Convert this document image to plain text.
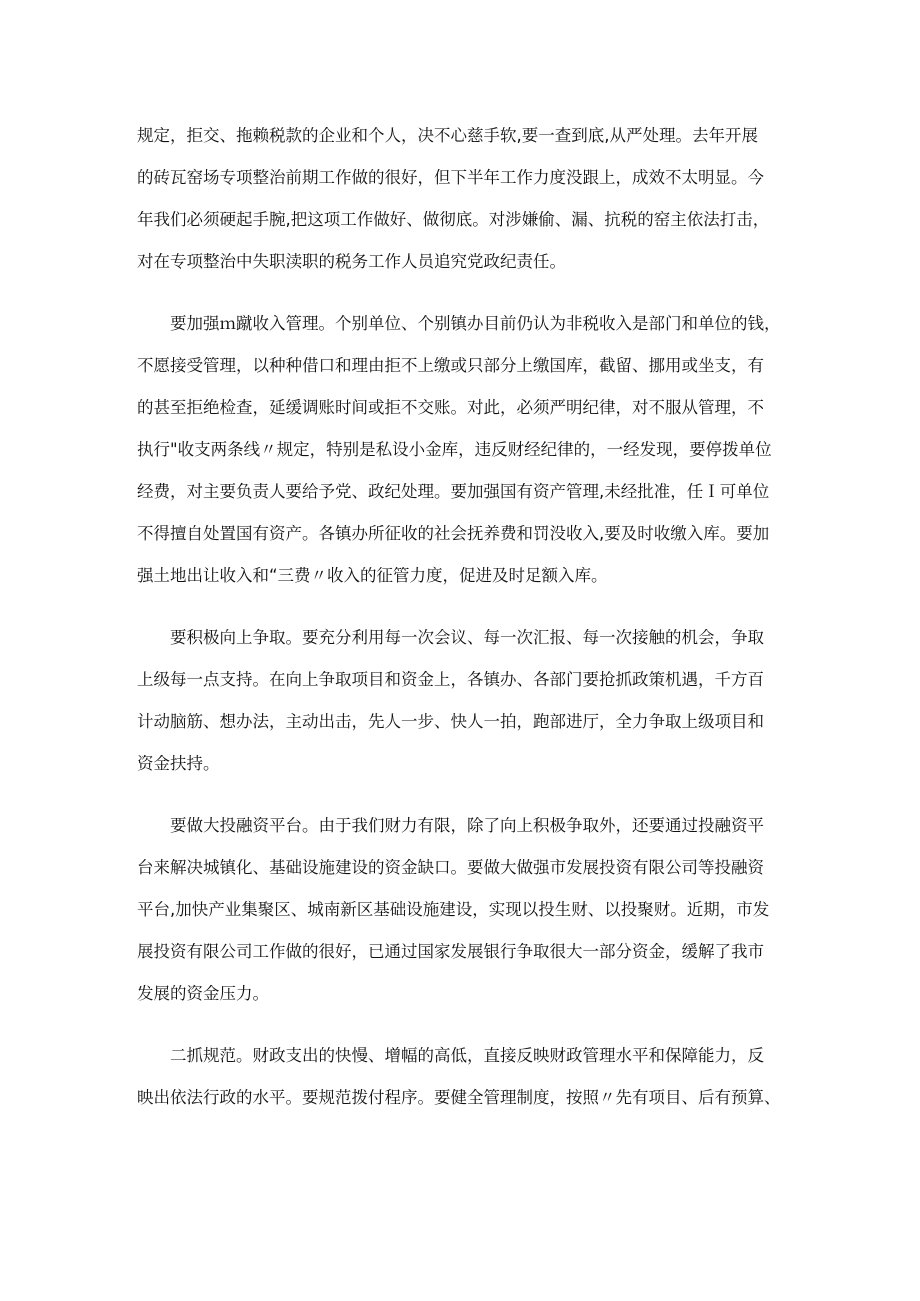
规定，拒交、拖赖税款的企业和个人，决不心慈手软,要一查到底,从严处理。去年开展
的砖瓦窑场专项整治前期工作做的很好，但下半年工作力度没跟上，成效不太明显。今
年我们必须硬起手腕,把这项工作做好、做彻底。对涉嫌偷、漏、抗税的窑主依法打击，
对在专项整治中失职渎职的税务工作人员追究党政纪责任。
要加强ｍ蹴收入管理。个别单位、个别镇办目前仍认为非税收入是部门和单位的钱，
不愿接受管理，以种种借口和理由拒不上缴或只部分上缴国库，截留、挪用或坐支，有
的甚至拒绝检查，延缓调账时间或拒不交账。对此，必须严明纪律，对不服从管理，不
执行"收支两条线〃规定，特别是私设小金库，违反财经纪律的，一经发现，要停拨单位
经费，对主要负责人要给予党、政纪处理。要加强国有资产管理,未经批准，任Ｉ可单位
不得擅自处置国有资产。各镇办所征收的社会抚养费和罚没收入,要及时收缴入库。要加
强土地出让收入和“三费〃收入的征管力度，促进及时足额入库。
要积极向上争取。要充分利用每一次会议、每一次汇报、每一次接触的机会，争取
上级每一点支持。在向上争取项目和资金上，各镇办、各部门要抢抓政策机遇，千方百
计动脑筋、想办法，主动出击，先人一步、快人一拍，跑部进厅，全力争取上级项目和
资金扶持。
要做大投融资平台。由于我们财力有限，除了向上积极争取外，还要通过投融资平
台来解决城镇化、基础设施建设的资金缺口。要做大做强市发展投资有限公司等投融资
平台,加快产业集聚区、城南新区基础设施建设，实现以投生财、以投聚财。近期，市发
展投资有限公司工作做的很好，已通过国家发展银行争取很大一部分资金，缓解了我市
发展的资金压力。
二抓规范。财政支出的快慢、增幅的高低，直接反映财政管理水平和保障能力，反
映出依法行政的水平。要规范拨付程序。要健全管理制度，按照〃先有项目、后有预算、
